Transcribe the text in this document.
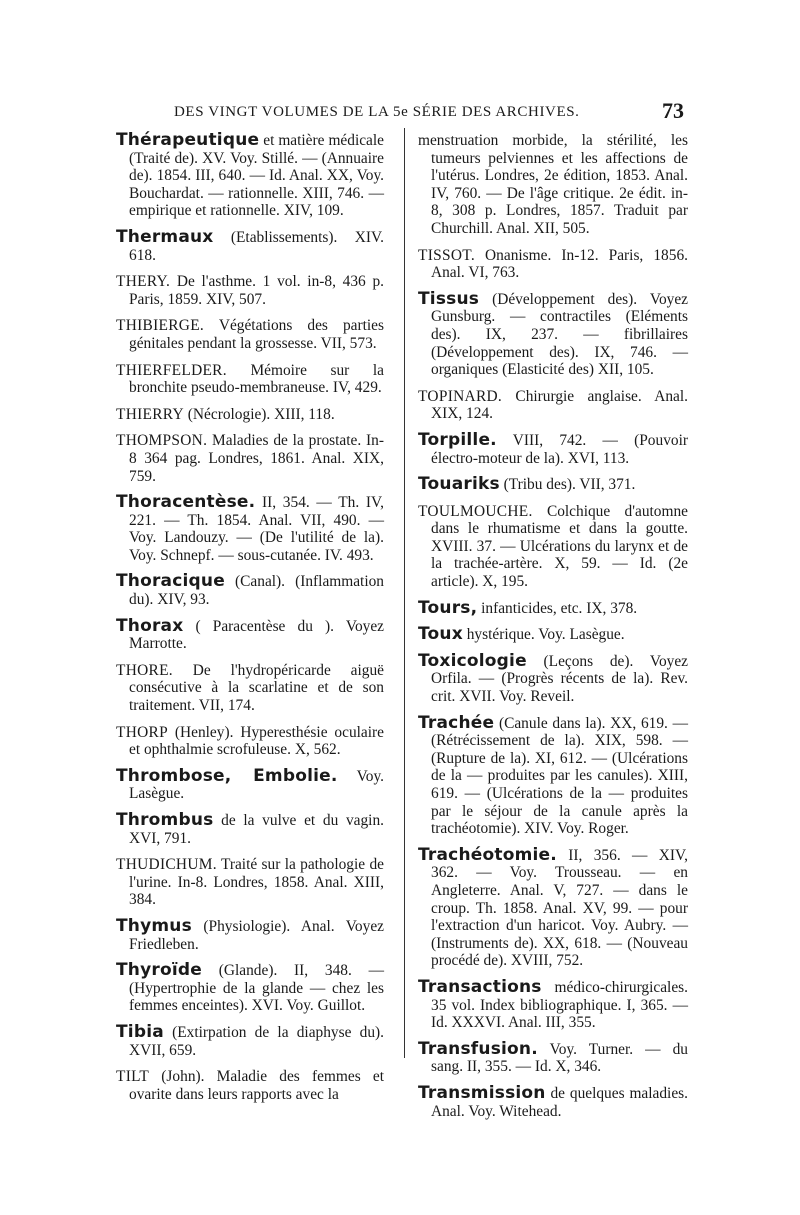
DES VINGT VOLUMES DE LA 5e SÉRIE DES ARCHIVES.	73

Thérapeutique et matière médicale (Traité de). XV. Voy. Stillé. — (Annuaire de). 1854. III, 640. — Id. Anal. XX, Voy. Bouchardat. — rationnelle. XIII, 746. — empirique et rationnelle. XIV, 109.

Thermaux (Etablissements). XIV. 618.

THERY. De l'asthme. 1 vol. in-8, 436 p. Paris, 1859. XIV, 507.

THIBIERGE. Végétations des parties génitales pendant la grossesse. VII, 573.

THIERFELDER. Mémoire sur la bronchite pseudo-membraneuse. IV, 429.

THIERRY (Nécrologie). XIII, 118.

THOMPSON. Maladies de la prostate. In-8 364 pag. Londres, 1861. Anal. XIX, 759.

Thoracentèse. II, 354. — Th. IV, 221. — Th. 1854. Anal. VII, 490. — Voy. Landouzy. — (De l'utilité de la). Voy. Schnepf. — sous-cutanée. IV. 493.

Thoracique (Canal). (Inflammation du). XIV, 93.

Thorax ( Paracentèse du ). Voyez Marrotte.

THORE. De l'hydropéricarde aiguë consécutive à la scarlatine et de son traitement. VII, 174.

THORP (Henley). Hyperesthésie oculaire et ophthalmie scrofuleuse. X, 562.

Thrombose, Embolie. Voy. Lasègue.

Thrombus de la vulve et du vagin. XVI, 791.

THUDICHUM. Traité sur la pathologie de l'urine. In-8. Londres, 1858. Anal. XIII, 384.

Thymus (Physiologie). Anal. Voyez Friedleben.

Thyroïde (Glande). II, 348. — (Hypertrophie de la glande — chez les femmes enceintes). XVI. Voy. Guillot.

Tibia (Extirpation de la diaphyse du). XVII, 659.

TILT (John). Maladie des femmes et ovarite dans leurs rapports avec la

menstruation morbide, la stérilité, les tumeurs pelviennes et les affections de l'utérus. Londres, 2e édition, 1853. Anal. IV, 760. — De l'âge critique. 2e édit. in-8, 308 p. Londres, 1857. Traduit par Churchill. Anal. XII, 505.

TISSOT. Onanisme. In-12. Paris, 1856. Anal. VI, 763.

Tissus (Développement des). Voyez Gunsburg. — contractiles (Eléments des). IX, 237. — fibrillaires (Développement des). IX, 746. — organiques (Elasticité des) XII, 105.

TOPINARD. Chirurgie anglaise. Anal. XIX, 124.

Torpille. VIII, 742. — (Pouvoir électro-moteur de la). XVI, 113.

Touariks (Tribu des). VII, 371.

TOULMOUCHE. Colchique d'automne dans le rhumatisme et dans la goutte. XVIII. 37. — Ulcérations du larynx et de la trachée-artère. X, 59. — Id. (2e article). X, 195.

Tours, infanticides, etc. IX, 378.

Toux hystérique. Voy. Lasègue.

Toxicologie (Leçons de). Voyez Orfila. — (Progrès récents de la). Rev. crit. XVII. Voy. Reveil.

Trachée (Canule dans la). XX, 619. — (Rétrécissement de la). XIX, 598. — (Rupture de la). XI, 612. — (Ulcérations de la — produites par les canules). XIII, 619. — (Ulcérations de la — produites par le séjour de la canule après la trachéotomie). XIV. Voy. Roger.

Trachéotomie. II, 356. — XIV, 362. — Voy. Trousseau. — en Angleterre. Anal. V, 727. — dans le croup. Th. 1858. Anal. XV, 99. — pour l'extraction d'un haricot. Voy. Aubry. — (Instruments de). XX, 618. — (Nouveau procédé de). XVIII, 752.

Transactions médico-chirurgicales. 35 vol. Index bibliographique. I, 365. — Id. XXXVI. Anal. III, 355.

Transfusion. Voy. Turner. — du sang. II, 355. — Id. X, 346.

Transmission de quelques maladies. Anal. Voy. Witehead.
